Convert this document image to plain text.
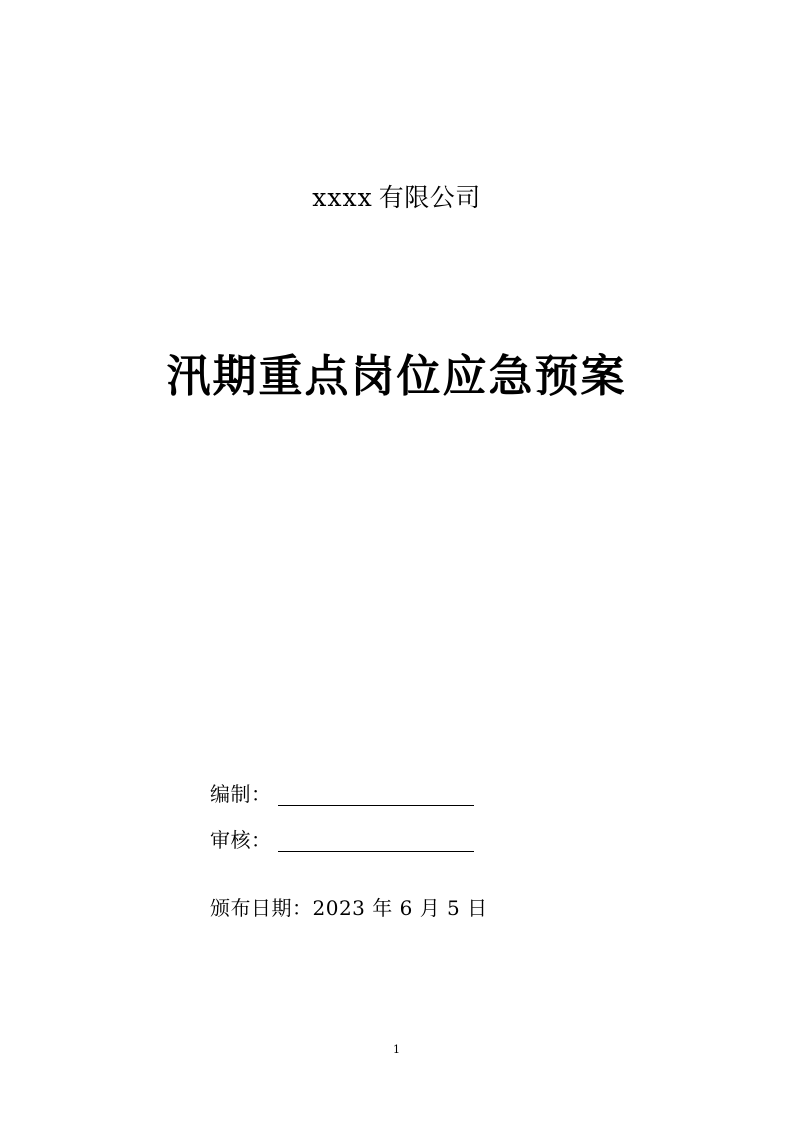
xxxx 有限公司
汛期重点岗位应急预案
编制：
审核：
颁布日期： 2023 年 6 月 5 日
1
